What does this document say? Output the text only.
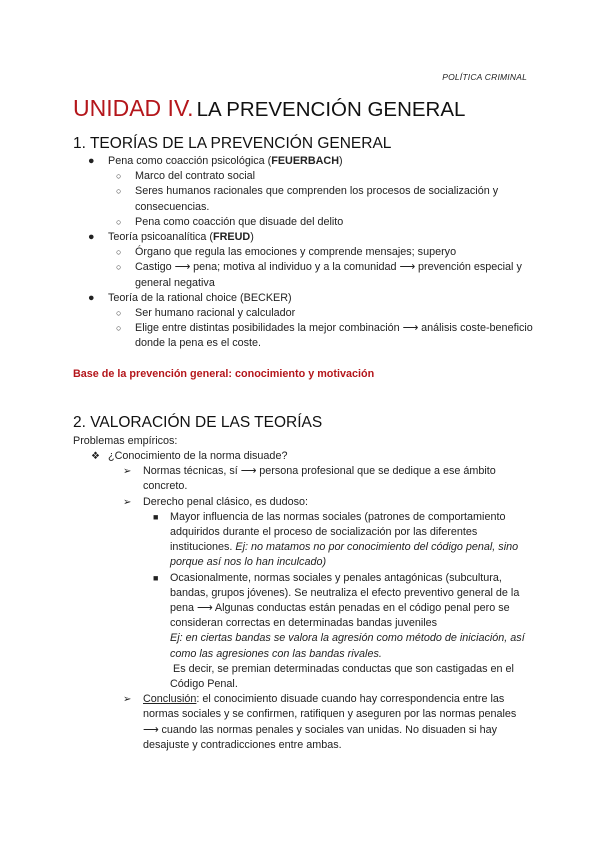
POLÍTICA CRIMINAL
UNIDAD IV. LA PREVENCIÓN GENERAL
1. TEORÍAS DE LA PREVENCIÓN GENERAL
● Pena como coacción psicológica (FEUERBACH)
○ Marco del contrato social
○ Seres humanos racionales que comprenden los procesos de socialización y consecuencias.
○ Pena como coacción que disuade del delito
● Teoría psicoanalítica (FREUD)
○ Órgano que regula las emociones y comprende mensajes; superyo
○ Castigo ⟶ pena; motiva al individuo y a la comunidad ⟶ prevención especial y general negativa
● Teoría de la rational choice (BECKER)
○ Ser humano racional y calculador
○ Elige entre distintas posibilidades la mejor combinación ⟶ análisis coste-beneficio donde la pena es el coste.
Base de la prevención general: conocimiento y motivación
2. VALORACIÓN DE LAS TEORÍAS
Problemas empíricos:
❖ ¿Conocimiento de la norma disuade?
➢ Normas técnicas, sí ⟶ persona profesional que se dedique a ese ámbito concreto.
➢ Derecho penal clásico, es dudoso:
■ Mayor influencia de las normas sociales (patrones de comportamiento adquiridos durante el proceso de socialización por las diferentes instituciones. Ej: no matamos no por conocimiento del código penal, sino porque así nos lo han inculcado)
■ Ocasionalmente, normas sociales y penales antagónicas (subcultura, bandas, grupos jóvenes). Se neutraliza el efecto preventivo general de la pena ⟶ Algunas conductas están penadas en el código penal pero se consideran correctas en determinadas bandas juveniles
Ej: en ciertas bandas se valora la agresión como método de iniciación, así como las agresiones con las bandas rivales.
Es decir, se premian determinadas conductas que son castigadas en el Código Penal.
➢ Conclusión: el conocimiento disuade cuando hay correspondencia entre las normas sociales y se confirmen, ratifiquen y aseguren por las normas penales ⟶ cuando las normas penales y sociales van unidas. No disuaden si hay desajuste y contradicciones entre ambas.
